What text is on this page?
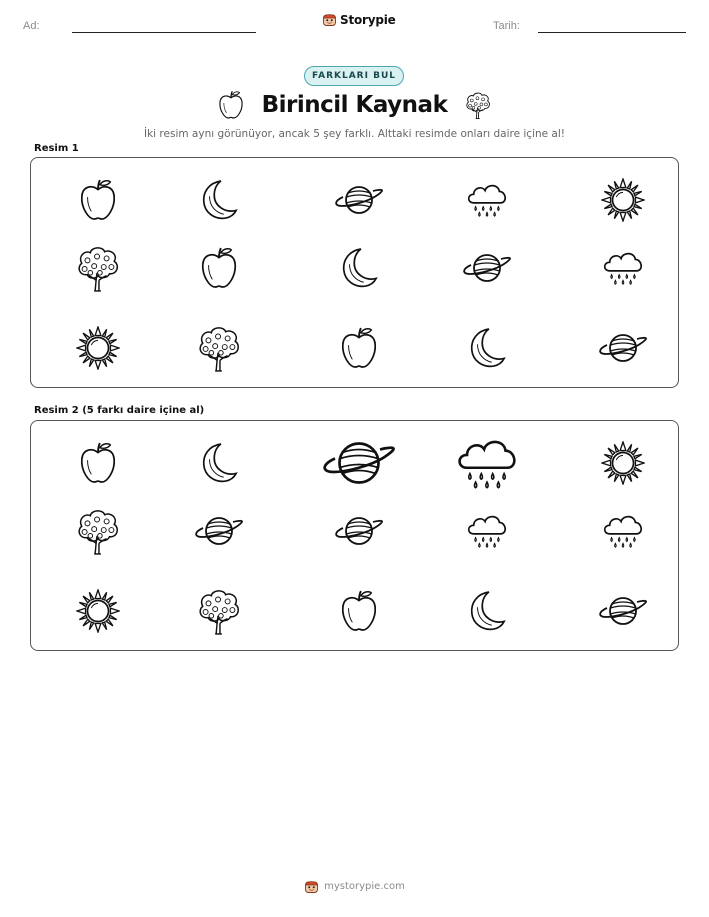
Ad:	Storypie	Tarih:
FARKLARI BUL
Birincil Kaynak
İki resim aynı görünüyor, ancak 5 şey farklı. Alttaki resimde onları daire içine al!
Resim 1
Resim 2 (5 farkı daire içine al)
mystorypie.com
